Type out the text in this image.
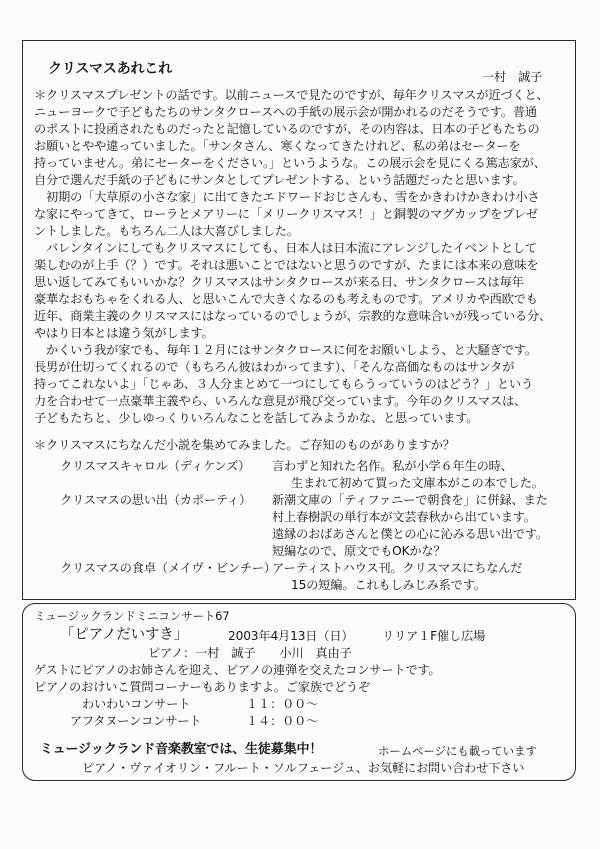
クリスマスあれこれ	一村　誠子
＊クリスマスプレゼントの話です。以前ニュースで見たのですが、毎年クリスマスが近づくと、
ニューヨークで子どもたちのサンタクロースへの手紙の展示会が開かれるのだそうです。普通
のポストに投函されたものだったと記憶しているのですが、その内容は、日本の子どもたちの
お願いとやや違っていました。「サンタさん、寒くなってきたけれど、私の弟はセーターを
持っていません。弟にセーターをください。」というような。この展示会を見にくる篤志家が、
自分で選んだ手紙の子どもにサンタとしてプレゼントする、という話題だったと思います。
　初期の「大草原の小さな家」に出てきたエドワードおじさんも、雪をかきわけかきわけ小さ
な家にやってきて、ローラとメアリーに「メリークリスマス！」と銅製のマグカップをプレゼ
ントしました。もちろん二人は大喜びしました。
　バレンタインにしてもクリスマスにしても、日本人は日本流にアレンジしたイベントとして
楽しむのが上手（？）です。それは悪いことではないと思うのですが、たまには本来の意味を
思い返してみてもいいかな？クリスマスはサンタクロースが来る日、サンタクロースは毎年
豪華なおもちゃをくれる人、と思いこんで大きくなるのも考えものです。アメリカや西欧でも
近年、商業主義のクリスマスにはなっているのでしょうが、宗教的な意味合いが残っている分、
やはり日本とは違う気がします。
　かくいう我が家でも、毎年１２月にはサンタクロースに何をお願いしよう、と大騒ぎです。
長男が仕切ってくれるので（もちろん彼はわかってます）、「そんな高価なものはサンタが
持ってこれないよ」「じゃあ、３人分まとめて一つにしてもらうっていうのはどう？」という
力を合わせて一点豪華主義やら、いろんな意見が飛び交っています。今年のクリスマスは、
子どもたちと、少しゆっくりいろんなことを話してみようかな、と思っています。
＊クリスマスにちなんだ小説を集めてみました。ご存知のものがありますか？
クリスマスキャロル（ディケンズ） 言わずと知れた名作。私が小学６年生の時、
生まれて初めて買った文庫本がこの本でした。
クリスマスの思い出（カポーティ） 新潮文庫の「ティファニーで朝食を」に併録、また
村上春樹訳の単行本が文芸春秋から出ています。
遠縁のおばあさんと僕との心に沁みる思い出です。
短編なので、原文でもOKかな？
クリスマスの食卓（メイヴ・ビンチー）
アーティストハウス刊。クリスマスにちなんだ
15の短編。これもしみじみ系です。
ミュージックランドミニコンサート67
「ピアノだいすき」	2003年4月13日（日） リリア１F催し広場
ピアノ：一村　誠子　　小川　真由子
ゲストにピアノのお姉さんを迎え、ピアノの連弾を交えたコンサートです。
ピアノのおけいこ質問コーナーもありますよ。ご家族でどうぞ
わいわいコンサート	１１：００～
アフタヌーンコンサート	１４：００～
ミュージックランド音楽教室では、生徒募集中！	ホームページにも載っています
ピアノ・ヴァイオリン・フルート・ソルフェージュ、お気軽にお問い合わせ下さい
